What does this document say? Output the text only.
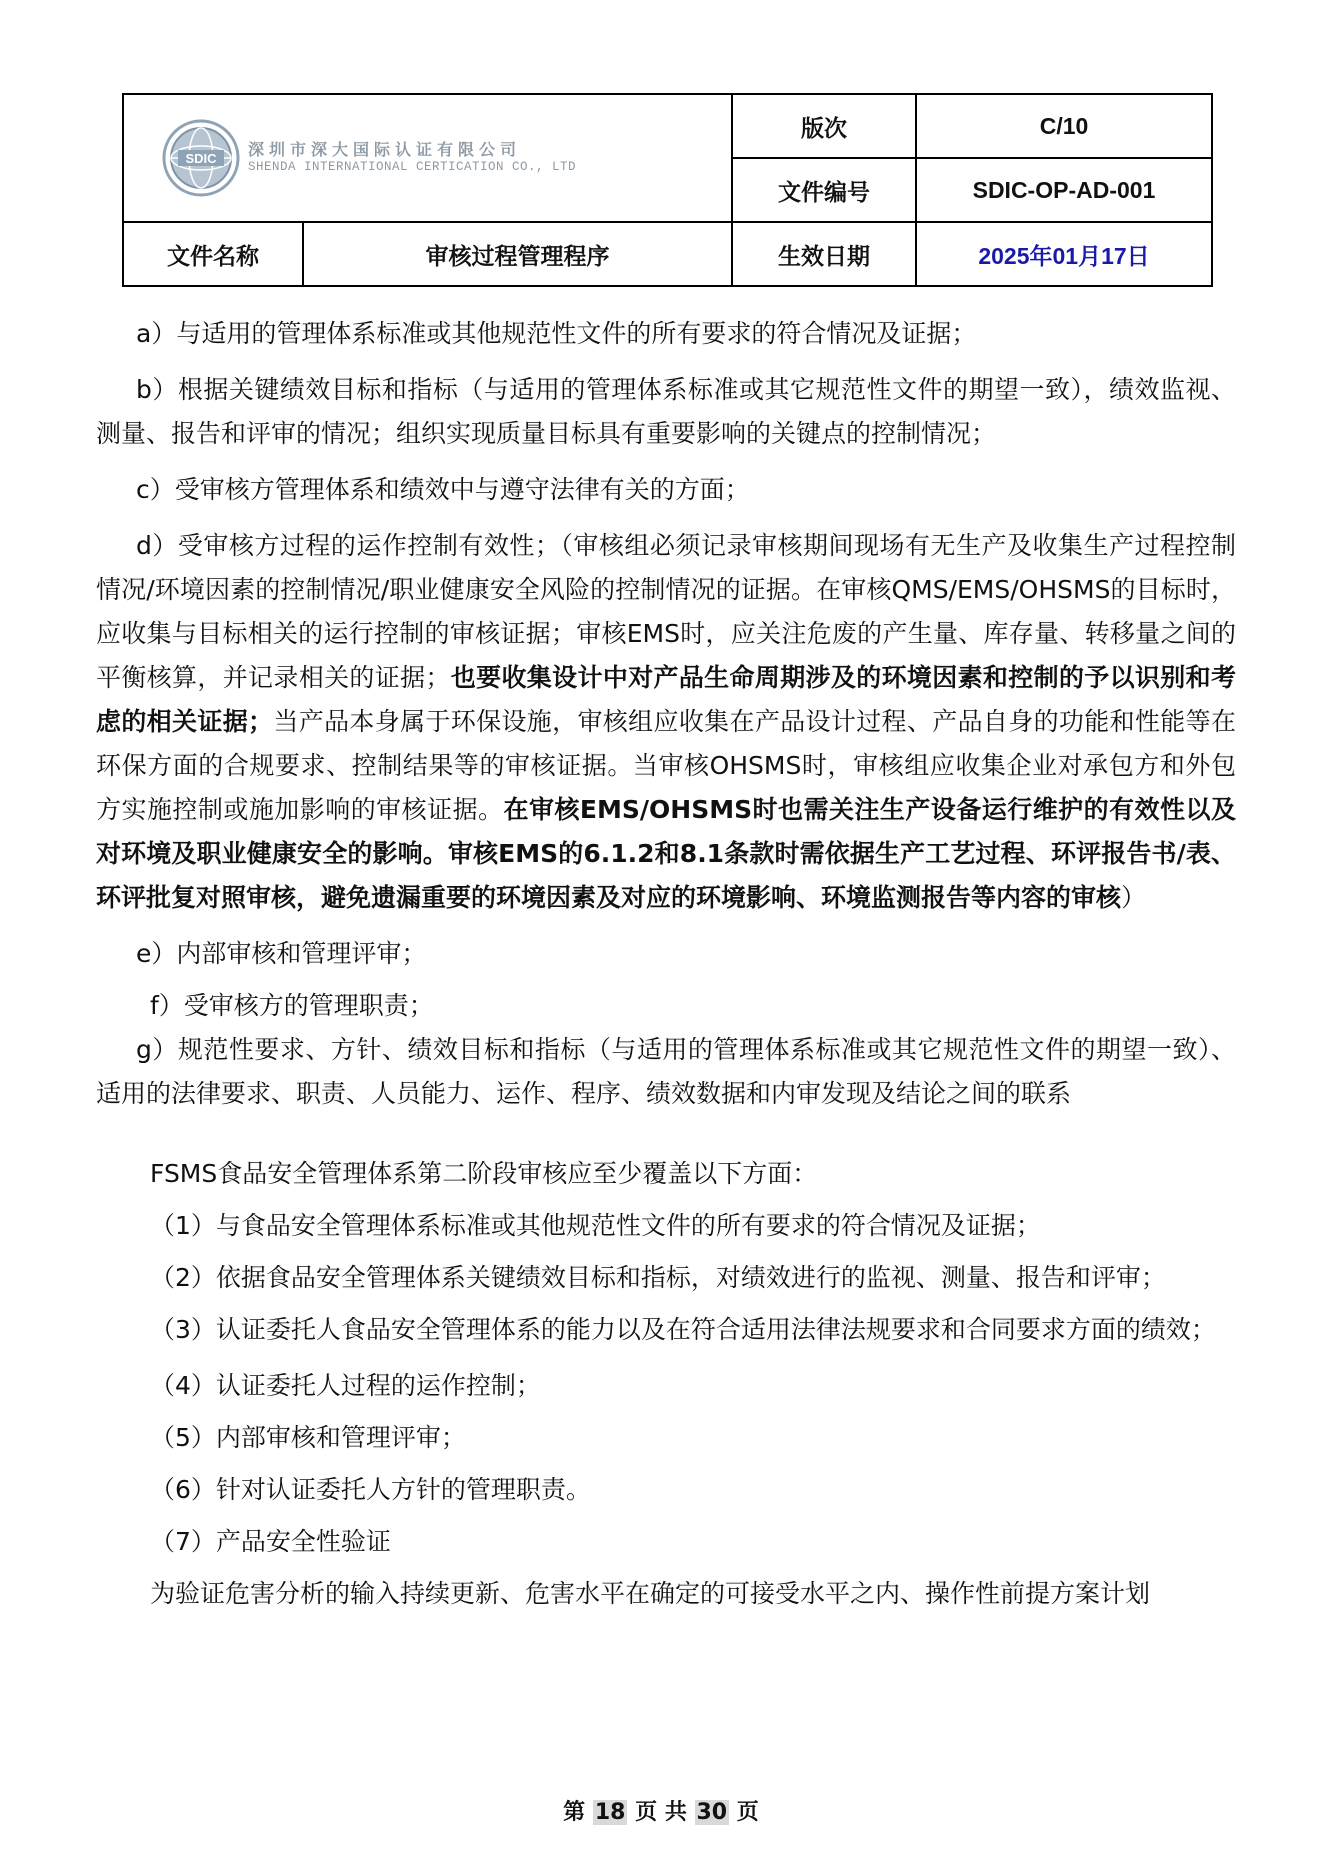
SDIC 深圳市深大国际认证有限公司
SHENDA INTERNATIONAL CERTICATION CO., LTD		版次	C/10
		文件编号	SDIC-OP-AD-001
文件名称	审核过程管理程序	生效日期	2025年01月17日

a）与适用的管理体系标准或其他规范性文件的所有要求的符合情况及证据；

b）根据关键绩效目标和指标（与适用的管理体系标准或其它规范性文件的期望一致），绩效监视、测量、报告和评审的情况；组织实现质量目标具有重要影响的关键点的控制情况；

c）受审核方管理体系和绩效中与遵守法律有关的方面；

d）受审核方过程的运作控制有效性；（审核组必须记录审核期间现场有无生产及收集生产过程控制情况/环境因素的控制情况/职业健康安全风险的控制情况的证据。在审核QMS/EMS/OHSMS的目标时，应收集与目标相关的运行控制的审核证据；审核EMS时，应关注危废的产生量、库存量、转移量之间的平衡核算，并记录相关的证据；也要收集设计中对产品生命周期涉及的环境因素和控制的予以识别和考虑的相关证据；当产品本身属于环保设施，审核组应收集在产品设计过程、产品自身的功能和性能等在环保方面的合规要求、控制结果等的审核证据。当审核OHSMS时，审核组应收集企业对承包方和外包方实施控制或施加影响的审核证据。在审核EMS/OHSMS时也需关注生产设备运行维护的有效性以及对环境及职业健康安全的影响。审核EMS的6.1.2和8.1条款时需依据生产工艺过程、环评报告书/表、环评批复对照审核，避免遗漏重要的环境因素及对应的环境影响、环境监测报告等内容的审核）

e）内部审核和管理评审；

f）受审核方的管理职责；

g）规范性要求、方针、绩效目标和指标（与适用的管理体系标准或其它规范性文件的期望一致）、适用的法律要求、职责、人员能力、运作、程序、绩效数据和内审发现及结论之间的联系

FSMS食品安全管理体系第二阶段审核应至少覆盖以下方面：

（1）与食品安全管理体系标准或其他规范性文件的所有要求的符合情况及证据；

（2）依据食品安全管理体系关键绩效目标和指标，对绩效进行的监视、测量、报告和评审；

（3）认证委托人食品安全管理体系的能力以及在符合适用法律法规要求和合同要求方面的绩效；

（4）认证委托人过程的运作控制；

（5）内部审核和管理评审；

（6）针对认证委托人方针的管理职责。

（7）产品安全性验证

为验证危害分析的输入持续更新、危害水平在确定的可接受水平之内、操作性前提方案计划

第 18 页 共 30 页
